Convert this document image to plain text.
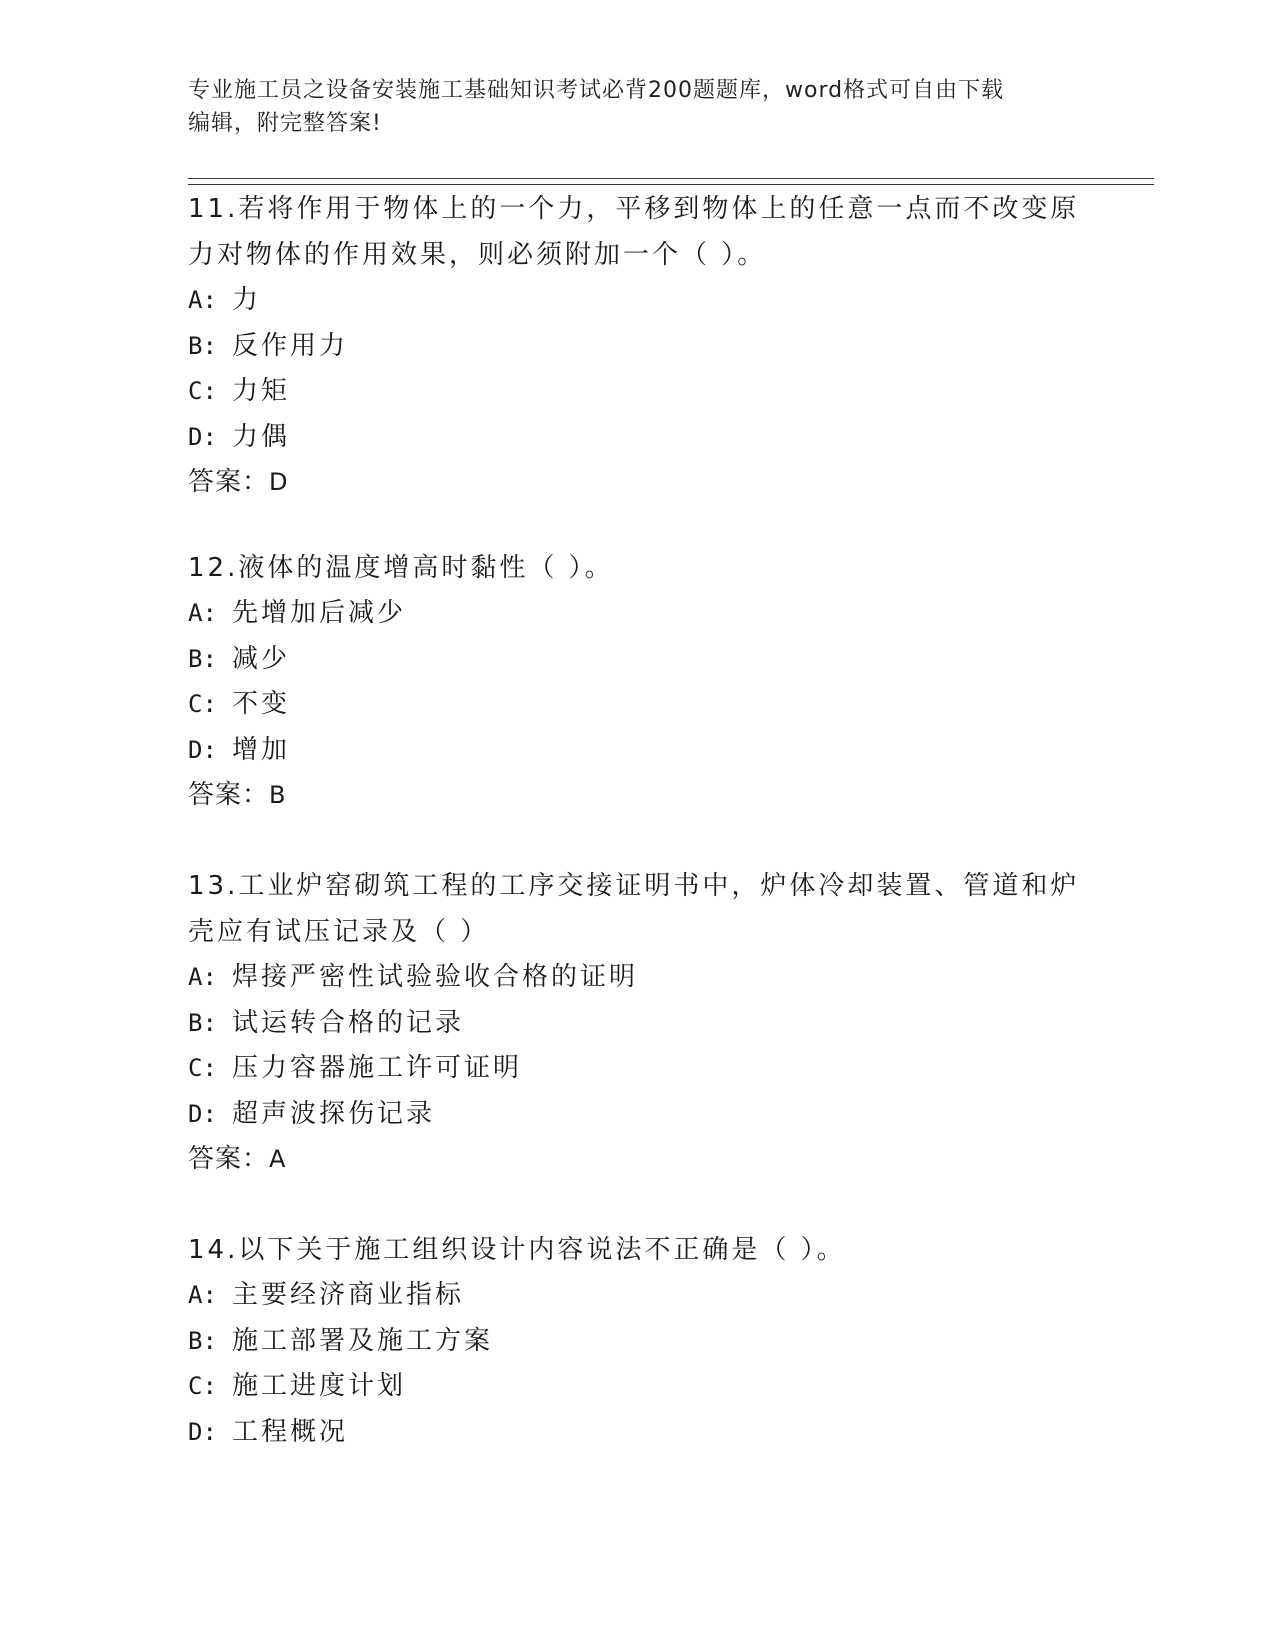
专业施工员之设备安装施工基础知识考试必背200题题库，word格式可自由下载
编辑，附完整答案!
11.若将作用于物体上的一个力，平移到物体上的任意一点而不改变原
力对物体的作用效果，则必须附加一个（ ）。
A: 力
B: 反作用力
C: 力矩
D: 力偶
答案：D
12.液体的温度增高时黏性（ ）。
A: 先增加后减少
B: 减少
C: 不变
D: 增加
答案：B
13.工业炉窑砌筑工程的工序交接证明书中，炉体冷却装置、管道和炉
壳应有试压记录及（ ）
A: 焊接严密性试验验收合格的证明
B: 试运转合格的记录
C: 压力容器施工许可证明
D: 超声波探伤记录
答案：A
14.以下关于施工组织设计内容说法不正确是（ ）。
A: 主要经济商业指标
B: 施工部署及施工方案
C: 施工进度计划
D: 工程概况
